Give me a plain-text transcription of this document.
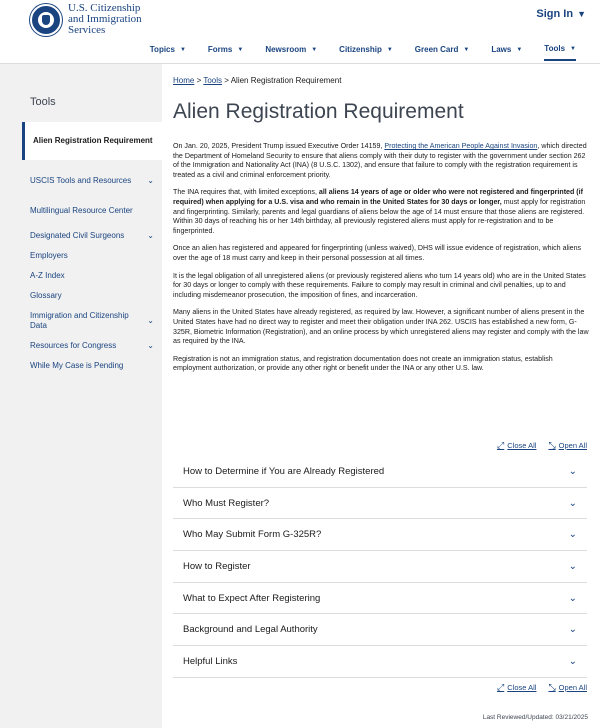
U.S. Citizenship
and Immigration
Services
Sign In ▼
Topics ▼	Forms ▼	Newsroom ▼	Citizenship ▼	Green Card ▼	Laws ▼	Tools ▼
Tools
Alien Registration Requirement
USCIS Tools and Resources ⌄
Multilingual Resource Center
Designated Civil Surgeons	⌄
Employers
A-Z Index
Glossary
Immigration and Citizenship Data
⌄
Resources for Congress	⌄
While My Case is Pending
Home > Tools > Alien Registration Requirement
Alien Registration Requirement

On Jan. 20, 2025, President Trump issued Executive Order 14159, Protecting the American People Against Invasion, which directed the Department of Homeland Security to ensure that aliens comply with their duty to register with the government under section 262 of the Immigration and Nationality Act (INA) (8 U.S.C. 1302), and ensure that failure to comply with the registration requirement is treated as a civil and criminal enforcement priority.

The INA requires that, with limited exceptions, all aliens 14 years of age or older who were not registered and fingerprinted (if required) when applying for a U.S. visa and who remain in the United States for 30 days or longer, must apply for registration and fingerprinting. Similarly, parents and legal guardians of aliens below the age of 14 must ensure that those aliens are registered. Within 30 days of reaching his or her 14th birthday, all previously registered aliens must apply for re-registration and to be fingerprinted.

Once an alien has registered and appeared for fingerprinting (unless waived), DHS will issue evidence of registration, which aliens over the age of 18 must carry and keep in their personal possession at all times.

It is the legal obligation of all unregistered aliens (or previously registered aliens who turn 14 years old) who are in the United States for 30 days or longer to comply with these requirements. Failure to comply may result in criminal and civil penalties, up to and including misdemeanor prosecution, the imposition of fines, and incarceration.

Many aliens in the United States have already registered, as required by law. However, a significant number of aliens present in the United States have had no direct way to register and meet their obligation under INA 262. USCIS has established a new form, G-325R, Biometric Information (Registration), and an online process by which unregistered aliens may register and comply with the law as required by the INA.

Registration is not an immigration status, and registration documentation does not create an immigration status, establish employment authorization, or provide any other right or benefit under the INA or any other U.S. law.

⤢ Close All ⤡ Open All
How to Determine if You are Already Registered	⌄
Who Must Register?	⌄
Who May Submit Form G-325R?	⌄
How to Register	⌄
What to Expect After Registering	⌄
Background and Legal Authority	⌄
Helpful Links	⌄
⤢ Close All ⤡ Open All
Last Reviewed/Updated: 03/21/2025
